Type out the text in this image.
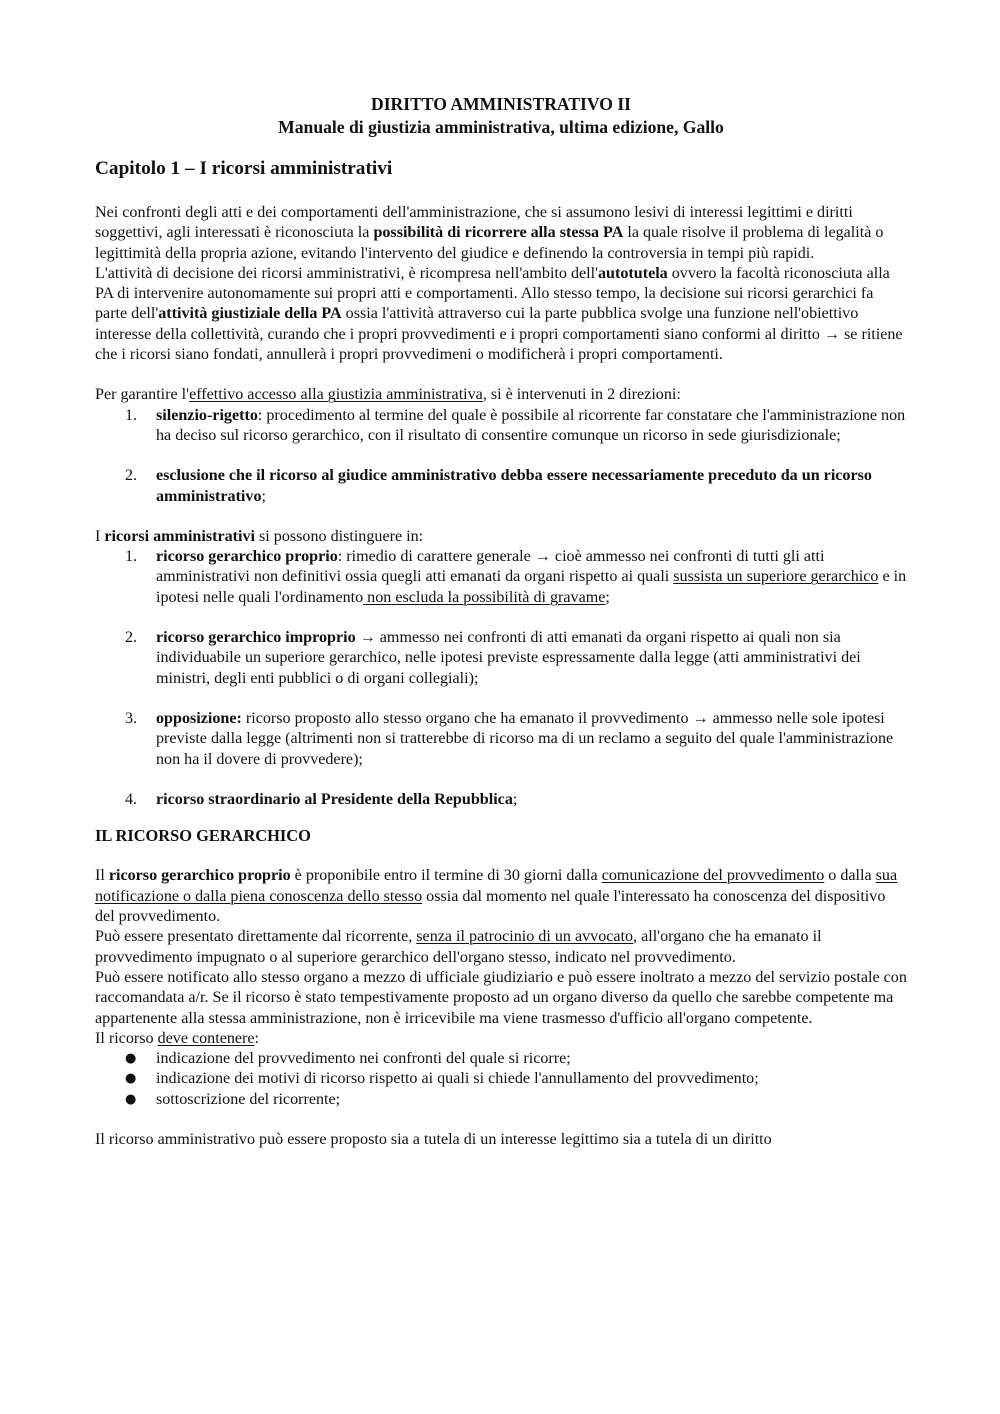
DIRITTO AMMINISTRATIVO II
Manuale di giustizia amministrativa, ultima edizione, Gallo
Capitolo 1 – I ricorsi amministrativi

Nei confronti degli atti e dei comportamenti dell'amministrazione, che si assumono lesivi di interessi legittimi e diritti soggettivi, agli interessati è riconosciuta la possibilità di ricorrere alla stessa PA la quale risolve il problema di legalità o legittimità della propria azione, evitando l'intervento del giudice e definendo la controversia in tempi più rapidi.

L'attività di decisione dei ricorsi amministrativi, è ricompresa nell'ambito dell'autotutela ovvero la facoltà riconosciuta alla PA di intervenire autonomamente sui propri atti e comportamenti. Allo stesso tempo, la decisione sui ricorsi gerarchici fa parte dell'attività giustiziale della PA ossia l'attività attraverso cui la parte pubblica svolge una funzione nell'obiettivo interesse della collettività, curando che i propri provvedimenti e i propri comportamenti siano conformi al diritto → se ritiene che i ricorsi siano fondati, annullerà i propri provvedimeni o modificherà i propri comportamenti.

Per garantire l'effettivo accesso alla giustizia amministrativa, si è intervenuti in 2 direzioni:

1. silenzio-rigetto: procedimento al termine del quale è possibile al ricorrente far constatare che l'amministrazione non ha deciso sul ricorso gerarchico, con il risultato di consentire comunque un ricorso in sede giurisdizionale;
2. esclusione che il ricorso al giudice amministrativo debba essere necessariamente preceduto da un ricorso amministrativo;

I ricorsi amministrativi si possono distinguere in:

1. ricorso gerarchico proprio: rimedio di carattere generale → cioè ammesso nei confronti di tutti gli atti amministrativi non definitivi ossia quegli atti emanati da organi rispetto ai quali sussista un superiore gerarchico e in ipotesi nelle quali l'ordinamento non escluda la possibilità di gravame;
2. ricorso gerarchico improprio → ammesso nei confronti di atti emanati da organi rispetto ai quali non sia individuabile un superiore gerarchico, nelle ipotesi previste espressamente dalla legge (atti amministrativi dei ministri, degli enti pubblici o di organi collegiali);
3. opposizione: ricorso proposto allo stesso organo che ha emanato il provvedimento → ammesso nelle sole ipotesi previste dalla legge (altrimenti non si tratterebbe di ricorso ma di un reclamo a seguito del quale l'amministrazione non ha il dovere di provvedere);
4. ricorso straordinario al Presidente della Repubblica;
IL RICORSO GERARCHICO

Il ricorso gerarchico proprio è proponibile entro il termine di 30 giorni dalla comunicazione del provvedimento o dalla sua notificazione o dalla piena conoscenza dello stesso ossia dal momento nel quale l'interessato ha conoscenza del dispositivo del provvedimento.

Può essere presentato direttamente dal ricorrente, senza il patrocinio di un avvocato, all'organo che ha emanato il provvedimento impugnato o al superiore gerarchico dell'organo stesso, indicato nel provvedimento.

Può essere notificato allo stesso organo a mezzo di ufficiale giudiziario e può essere inoltrato a mezzo del servizio postale con raccomandata a/r. Se il ricorso è stato tempestivamente proposto ad un organo diverso da quello che sarebbe competente ma appartenente alla stessa amministrazione, non è irricevibile ma viene trasmesso d'ufficio all'organo competente.

Il ricorso deve contenere:

● indicazione del provvedimento nei confronti del quale si ricorre;
● indicazione dei motivi di ricorso rispetto ai quali si chiede l'annullamento del provvedimento;
● sottoscrizione del ricorrente;

Il ricorso amministrativo può essere proposto sia a tutela di un interesse legittimo sia a tutela di un diritto
